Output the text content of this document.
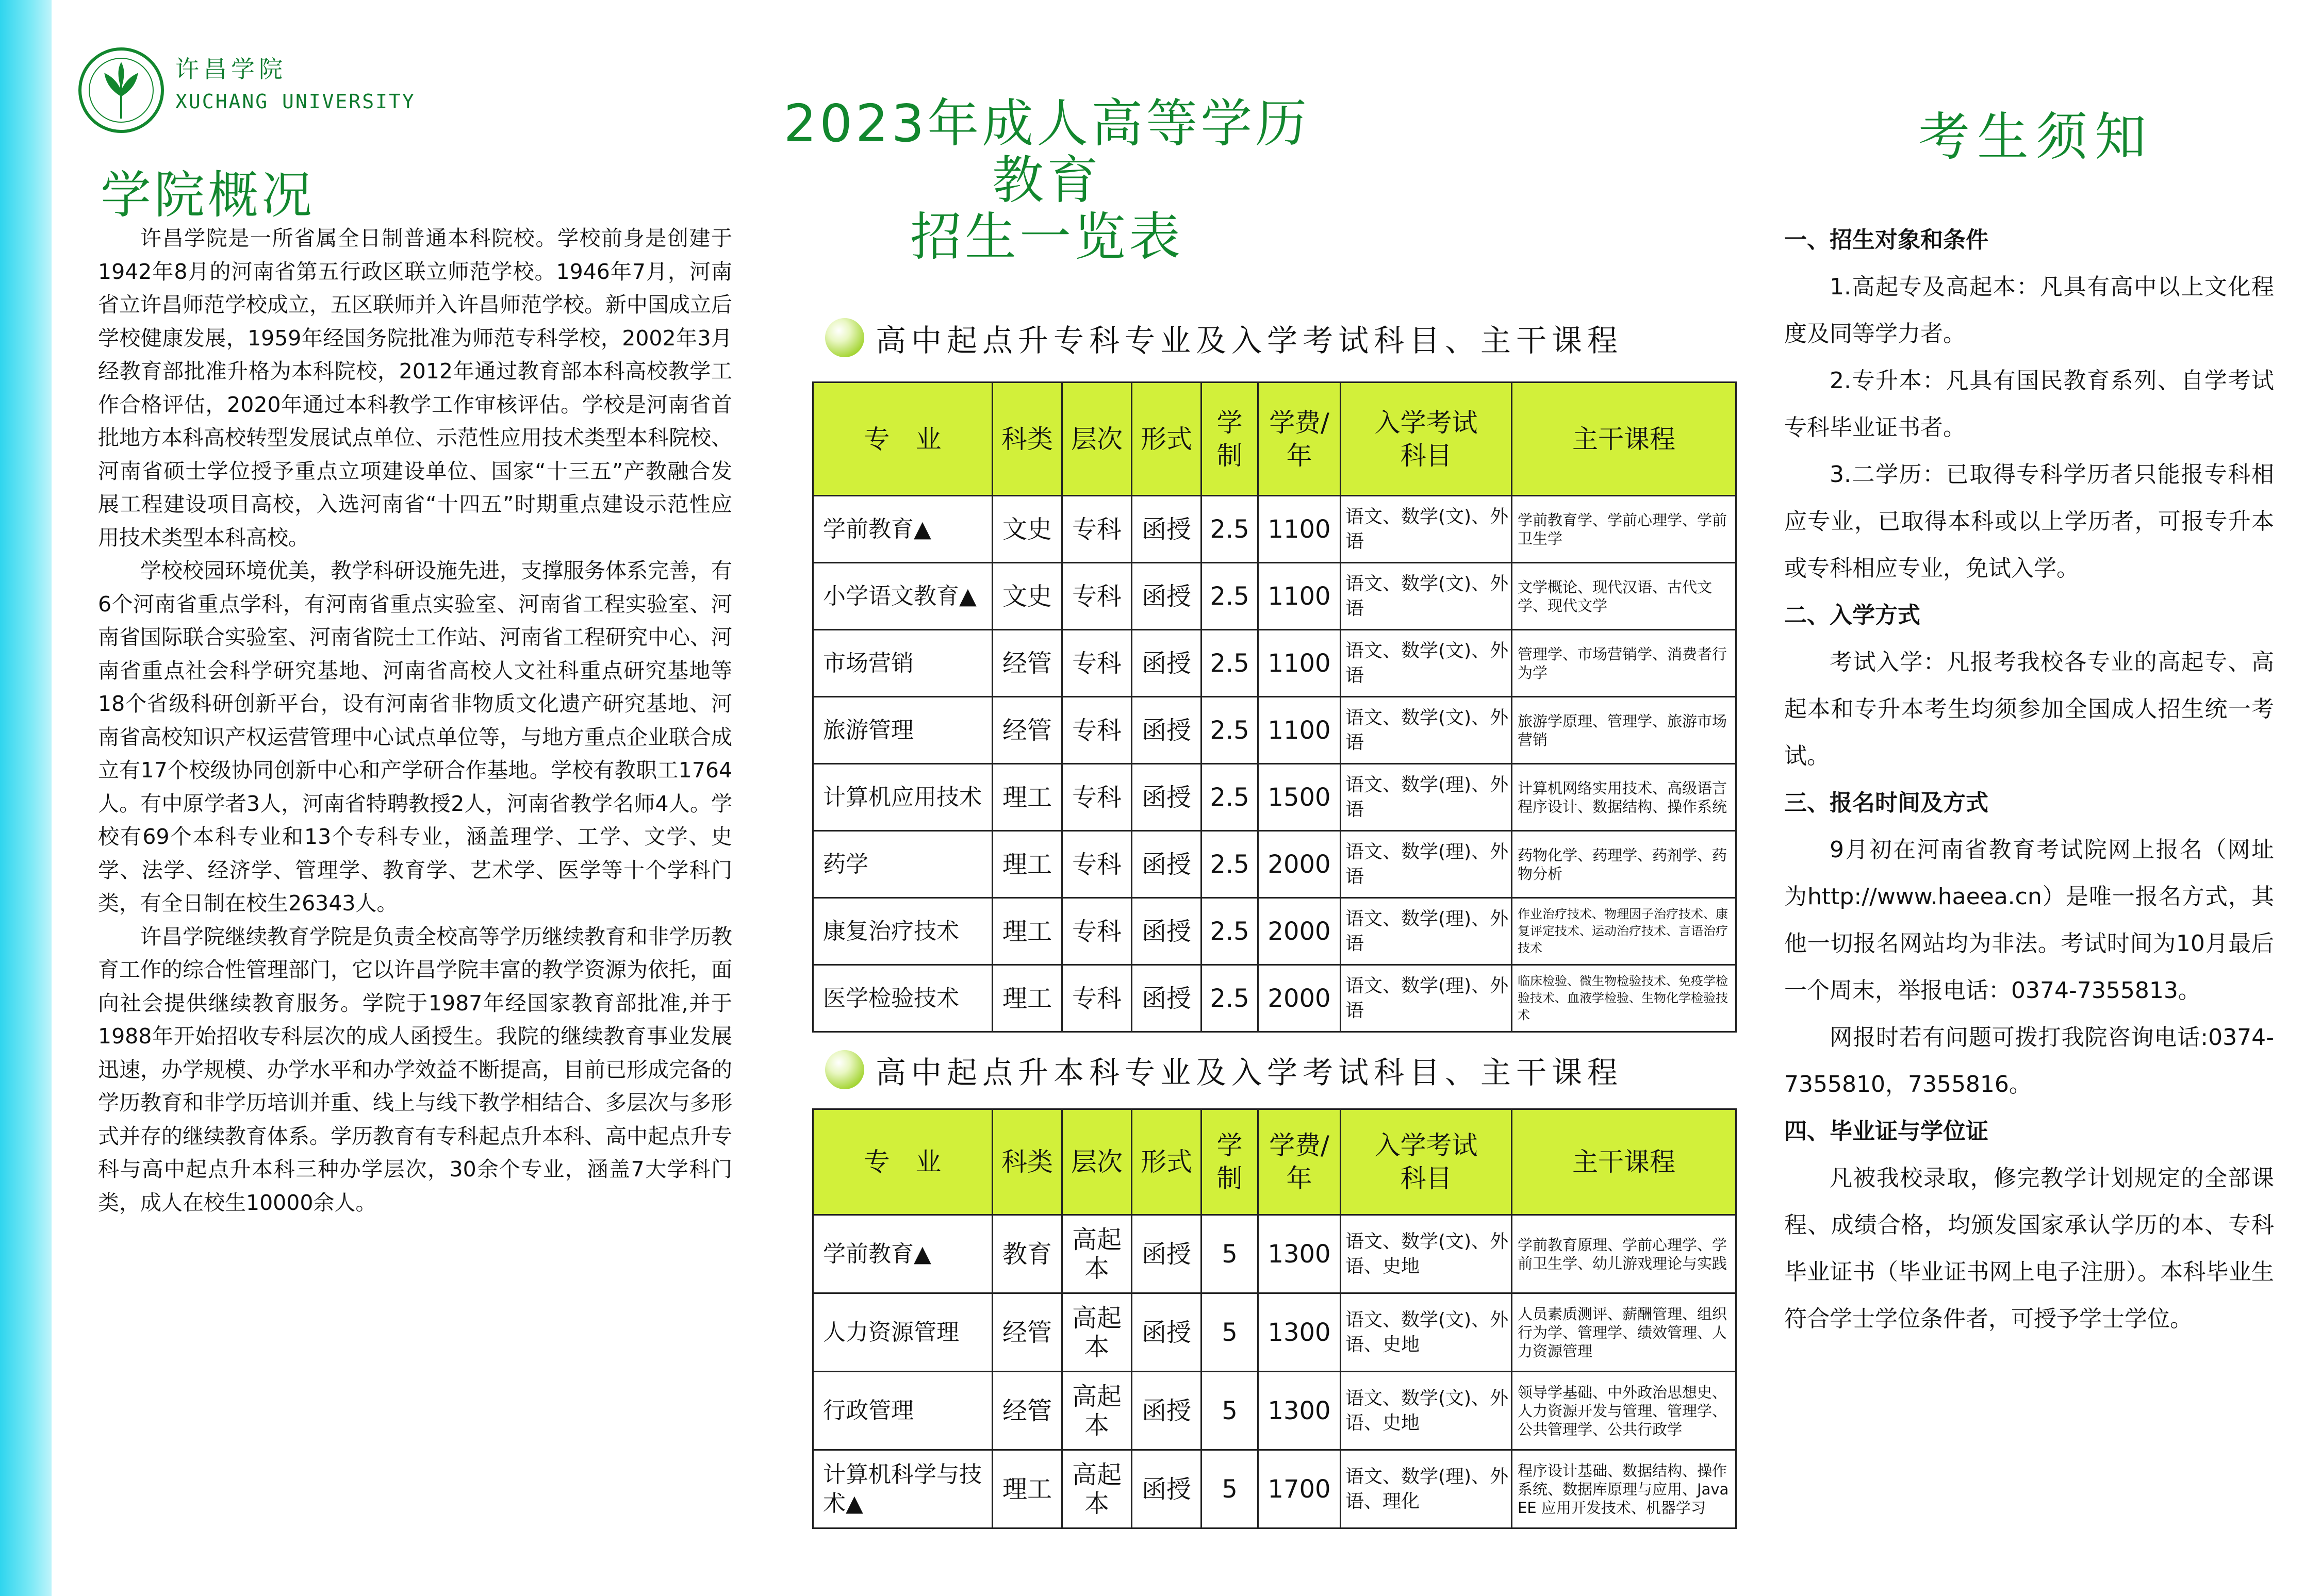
许昌学院
XUCHANG UNIVERSITY
学院概况

许昌学院是一所省属全日制普通本科院校。学校前身是创建于1942年8月的河南省第五行政区联立师范学校。1946年7月，河南省立许昌师范学校成立，五区联师并入许昌师范学校。新中国成立后学校健康发展，1959年经国务院批准为师范专科学校，2002年3月经教育部批准升格为本科院校，2012年通过教育部本科高校教学工作合格评估，2020年通过本科教学工作审核评估。学校是河南省首批地方本科高校转型发展试点单位、示范性应用技术类型本科院校、河南省硕士学位授予重点立项建设单位、国家“十三五”产教融合发展工程建设项目高校，入选河南省“十四五”时期重点建设示范性应用技术类型本科高校。

学校校园环境优美，教学科研设施先进，支撑服务体系完善，有6个河南省重点学科，有河南省重点实验室、河南省工程实验室、河南省国际联合实验室、河南省院士工作站、河南省工程研究中心、河南省重点社会科学研究基地、河南省高校人文社科重点研究基地等18个省级科研创新平台，设有河南省非物质文化遗产研究基地、河南省高校知识产权运营管理中心试点单位等，与地方重点企业联合成立有17个校级协同创新中心和产学研合作基地。学校有教职工1764人。有中原学者3人，河南省特聘教授2人，河南省教学名师4人。学校有69个本科专业和13个专科专业，涵盖理学、工学、文学、史学、法学、经济学、管理学、教育学、艺术学、医学等十个学科门类，有全日制在校生26343人。

许昌学院继续教育学院是负责全校高等学历继续教育和非学历教育工作的综合性管理部门，它以许昌学院丰富的教学资源为依托，面向社会提供继续教育服务。学院于1987年经国家教育部批准,并于1988年开始招收专科层次的成人函授生。我院的继续教育事业发展迅速，办学规模、办学水平和办学效益不断提高，目前已形成完备的学历教育和非学历培训并重、线上与线下教学相结合、多层次与多形式并存的继续教育体系。学历教育有专科起点升本科、高中起点升专科与高中起点升本科三种办学层次，30余个专业，涵盖7大学科门类，成人在校生10000余人。

2023年成人高等学历教育
招生一览表
高中起点升专科专业及入学考试科目、主干课程
专　业	科类	层次	形式	学制	学费/年	入学考试
科目	主干课程
学前教育▲	文史	专科	函授	2.5	1100	语文、数学(文)、外语	学前教育学、学前心理学、学前卫生学
小学语文教育▲	文史	专科	函授	2.5	1100	语文、数学(文)、外语	文学概论、现代汉语、古代文学、现代文学
市场营销	经管	专科	函授	2.5	1100	语文、数学(文)、外语	管理学、市场营销学、消费者行为学
旅游管理	经管	专科	函授	2.5	1100	语文、数学(文)、外语	旅游学原理、管理学、旅游市场营销
计算机应用技术	理工	专科	函授	2.5	1500	语文、数学(理)、外语	计算机网络实用技术、高级语言程序设计、数据结构、操作系统
药学	理工	专科	函授	2.5	2000	语文、数学(理)、外语	药物化学、药理学、药剂学、药物分析
康复治疗技术	理工	专科	函授	2.5	2000	语文、数学(理)、外语	作业治疗技术、物理因子治疗技术、康复评定技术、运动治疗技术、言语治疗技术
医学检验技术	理工	专科	函授	2.5	2000	语文、数学(理)、外语	临床检验、微生物检验技术、免疫学检验技术、血液学检验、生物化学检验技术
高中起点升本科专业及入学考试科目、主干课程
专　业	科类	层次	形式	学制	学费/年	入学考试
科目	主干课程
学前教育▲	教育	高起本	函授	5	1300	语文、数学(文)、外语、史地	学前教育原理、学前心理学、学前卫生学、幼儿游戏理论与实践
人力资源管理	经管	高起本	函授	5	1300	语文、数学(文)、外语、史地	人员素质测评、薪酬管理、组织行为学、管理学、绩效管理、人力资源管理
行政管理	经管	高起本	函授	5	1300	语文、数学(文)、外语、史地	领导学基础、中外政治思想史、人力资源开发与管理、管理学、公共管理学、公共行政学
计算机科学与技术▲	理工	高起本	函授	5	1700	语文、数学(理)、外语、理化	程序设计基础、数据结构、操作系统、数据库原理与应用、Java EE 应用开发技术、机器学习
考生须知
一、招生对象和条件
1.高起专及高起本：凡具有高中以上文化程度及同等学力者。
2.专升本：凡具有国民教育系列、自学考试专科毕业证书者。
3.二学历：已取得专科学历者只能报专科相应专业，已取得本科或以上学历者，可报专升本或专科相应专业，免试入学。
二、入学方式
考试入学：凡报考我校各专业的高起专、高起本和专升本考生均须参加全国成人招生统一考试。
三、报名时间及方式
9月初在河南省教育考试院网上报名（网址为http://www.haeea.cn）是唯一报名方式，其他一切报名网站均为非法。考试时间为10月最后一个周末，举报电话：0374-7355813。
网报时若有问题可拨打我院咨询电话:0374-7355810，7355816。
四、毕业证与学位证
凡被我校录取，修完教学计划规定的全部课程、成绩合格，均颁发国家承认学历的本、专科毕业证书（毕业证书网上电子注册）。本科毕业生符合学士学位条件者，可授予学士学位。
